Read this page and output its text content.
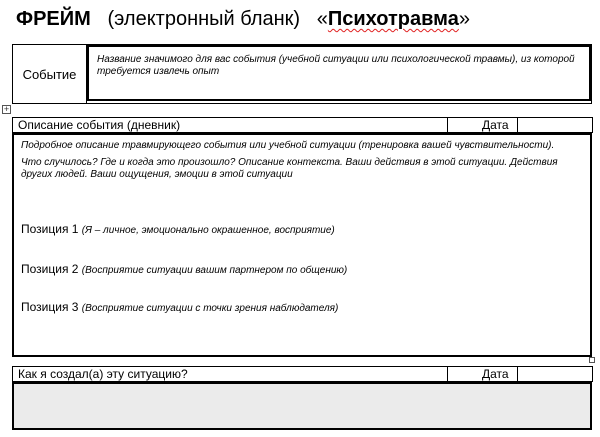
ФРЕЙМ (электронный бланк) «Психотравма»
Событие
Название значимого для вас события (учебной ситуации или психологической травмы), из которой требуется извлечь опыт
+
Описание события (дневник)	Дата

Подробное описание травмирующего события или учебной ситуации (тренировка вашей чувствительности).

Что случилось? Где и когда это произошло? Описание контекста. Ваши действия в этой ситуации. Действия других людей. Ваши ощущения, эмоции в этой ситуации

Позиция 1 (Я – личное, эмоционально окрашенное, восприятие)
Позиция 2 (Восприятие ситуации вашим партнером по общению)
Позиция 3 (Восприятие ситуации с точки зрения наблюдателя)
Как я создал(а) эту ситуацию?	Дата
